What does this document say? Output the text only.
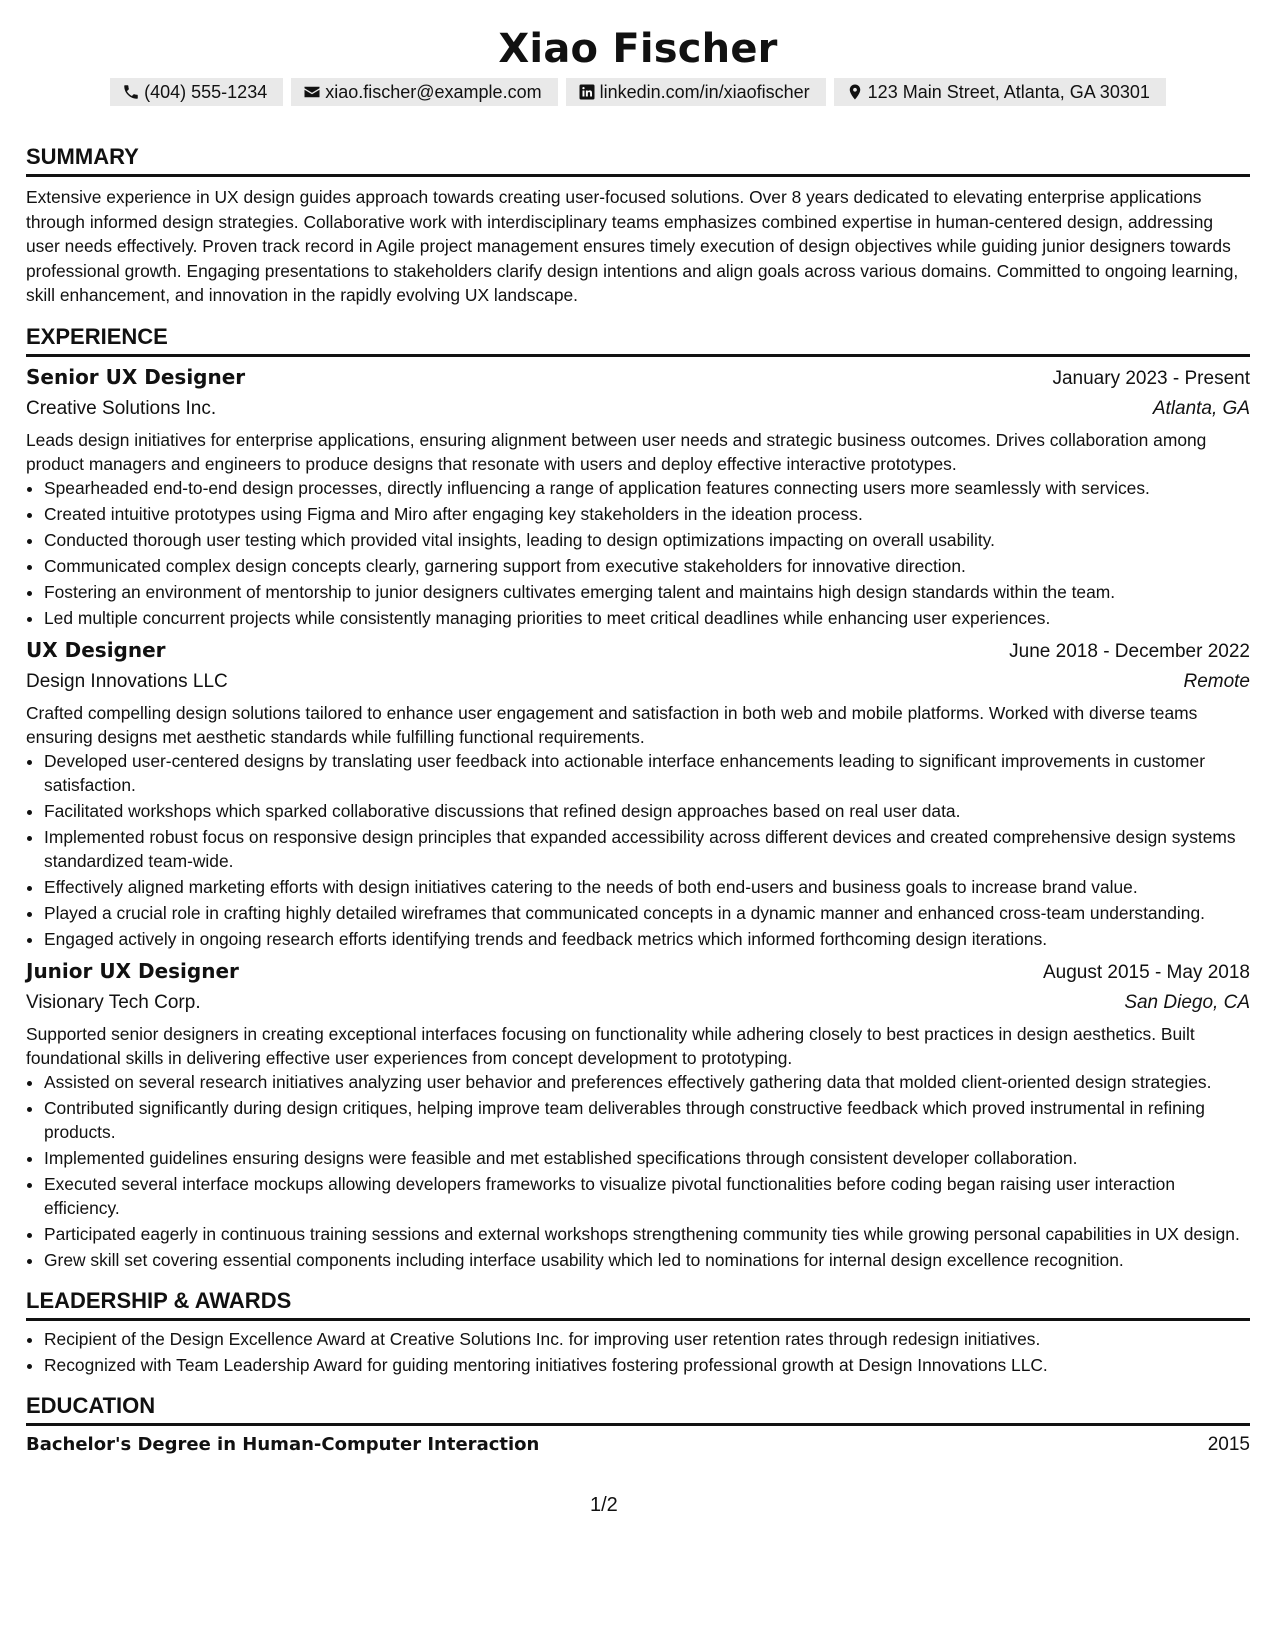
Xiao Fischer
(404) 555-1234	xiao.fischer@example.com	linkedin.com/in/xiaofischer	123 Main Street, Atlanta, GA 30301
SUMMARY
Extensive experience in UX design guides approach towards creating user-focused solutions. Over 8 years dedicated to elevating enterprise applications through informed design strategies. Collaborative work with interdisciplinary teams emphasizes combined expertise in human-centered design, addressing user needs effectively. Proven track record in Agile project management ensures timely execution of design objectives while guiding junior designers towards professional growth. Engaging presentations to stakeholders clarify design intentions and align goals across various domains. Committed to ongoing learning, skill enhancement, and innovation in the rapidly evolving UX landscape.
EXPERIENCE
Senior UX Designer	January 2023 - Present
Creative Solutions Inc.	Atlanta, GA
Leads design initiatives for enterprise applications, ensuring alignment between user needs and strategic business outcomes. Drives collaboration among product managers and engineers to produce designs that resonate with users and deploy effective interactive prototypes.
• Spearheaded end-to-end design processes, directly influencing a range of application features connecting users more seamlessly with services.
• Created intuitive prototypes using Figma and Miro after engaging key stakeholders in the ideation process.
• Conducted thorough user testing which provided vital insights, leading to design optimizations impacting on overall usability.
• Communicated complex design concepts clearly, garnering support from executive stakeholders for innovative direction.
• Fostering an environment of mentorship to junior designers cultivates emerging talent and maintains high design standards within the team.
• Led multiple concurrent projects while consistently managing priorities to meet critical deadlines while enhancing user experiences.
UX Designer	June 2018 - December 2022
Design Innovations LLC	Remote
Crafted compelling design solutions tailored to enhance user engagement and satisfaction in both web and mobile platforms. Worked with diverse teams ensuring designs met aesthetic standards while fulfilling functional requirements.
• Developed user-centered designs by translating user feedback into actionable interface enhancements leading to significant improvements in customer satisfaction.
• Facilitated workshops which sparked collaborative discussions that refined design approaches based on real user data.
• Implemented robust focus on responsive design principles that expanded accessibility across different devices and created comprehensive design systems standardized team-wide.
• Effectively aligned marketing efforts with design initiatives catering to the needs of both end-users and business goals to increase brand value.
• Played a crucial role in crafting highly detailed wireframes that communicated concepts in a dynamic manner and enhanced cross-team understanding.
• Engaged actively in ongoing research efforts identifying trends and feedback metrics which informed forthcoming design iterations.
Junior UX Designer	August 2015 - May 2018
Visionary Tech Corp.	San Diego, CA
Supported senior designers in creating exceptional interfaces focusing on functionality while adhering closely to best practices in design aesthetics. Built foundational skills in delivering effective user experiences from concept development to prototyping.
• Assisted on several research initiatives analyzing user behavior and preferences effectively gathering data that molded client-oriented design strategies.
• Contributed significantly during design critiques, helping improve team deliverables through constructive feedback which proved instrumental in refining products.
• Implemented guidelines ensuring designs were feasible and met established specifications through consistent developer collaboration.
• Executed several interface mockups allowing developers frameworks to visualize pivotal functionalities before coding began raising user interaction efficiency.
• Participated eagerly in continuous training sessions and external workshops strengthening community ties while growing personal capabilities in UX design.
• Grew skill set covering essential components including interface usability which led to nominations for internal design excellence recognition.
LEADERSHIP & AWARDS
• Recipient of the Design Excellence Award at Creative Solutions Inc. for improving user retention rates through redesign initiatives.
• Recognized with Team Leadership Award for guiding mentoring initiatives fostering professional growth at Design Innovations LLC.
EDUCATION
Bachelor's Degree in Human-Computer Interaction	2015
1/2
